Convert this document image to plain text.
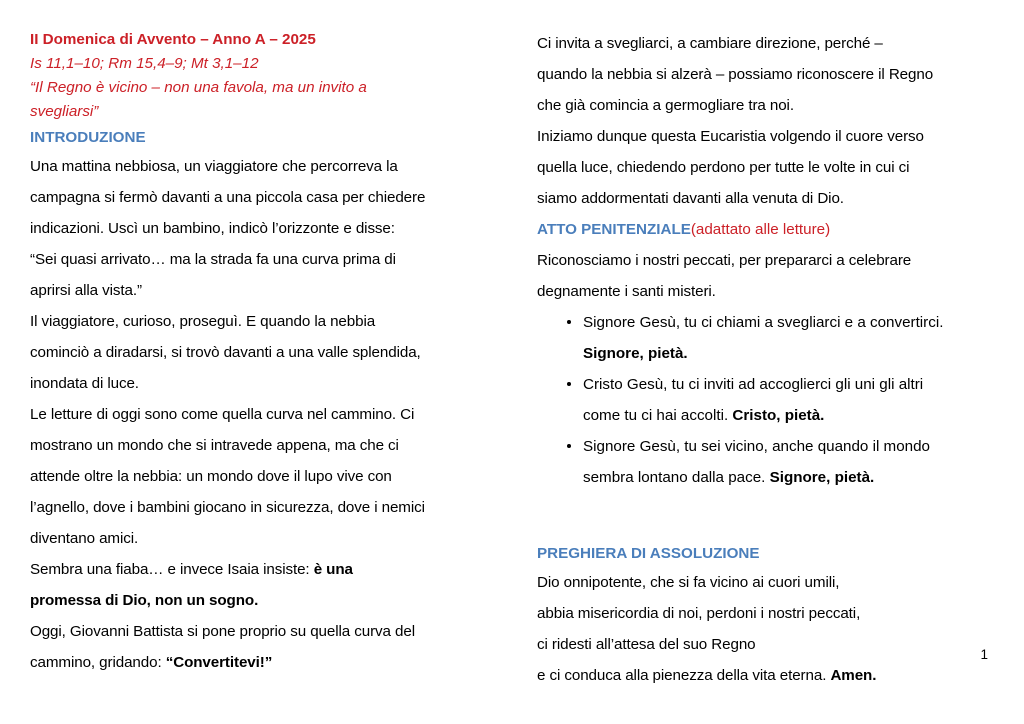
II Domenica di Avvento – Anno A – 2025
Is 11,1–10; Rm 15,4–9; Mt 3,1–12
“Il Regno è vicino – non una favola, ma un invito a
svegliarsi”
INTRODUZIONE
Una mattina nebbiosa, un viaggiatore che percorreva la
campagna si fermò davanti a una piccola casa per chiedere
indicazioni. Uscì un bambino, indicò l’orizzonte e disse:
“Sei quasi arrivato… ma la strada fa una curva prima di
aprirsi alla vista.”
Il viaggiatore, curioso, proseguì. E quando la nebbia
cominciò a diradarsi, si trovò davanti a una valle splendida,
inondata di luce.
Le letture di oggi sono come quella curva nel cammino. Ci
mostrano un mondo che si intravede appena, ma che ci
attende oltre la nebbia: un mondo dove il lupo vive con
l’agnello, dove i bambini giocano in sicurezza, dove i nemici
diventano amici.
Sembra una fiaba… e invece Isaia insiste: è una
promessa di Dio, non un sogno.
Oggi, Giovanni Battista si pone proprio su quella curva del
cammino, gridando: “Convertitevi!”
Ci invita a svegliarci, a cambiare direzione, perché –
quando la nebbia si alzerà – possiamo riconoscere il Regno
che già comincia a germogliare tra noi.
Iniziamo dunque questa Eucaristia volgendo il cuore verso
quella luce, chiedendo perdono per tutte le volte in cui ci
siamo addormentati davanti alla venuta di Dio.
ATTO PENITENZIALE(adattato alle letture)
Riconosciamo i nostri peccati, per prepararci a celebrare
degnamente i santi misteri.
Signore Gesù, tu ci chiami a svegliarci e a convertirci.
Signore, pietà.
Cristo Gesù, tu ci inviti ad accoglierci gli uni gli altri
come tu ci hai accolti. Cristo, pietà.
Signore Gesù, tu sei vicino, anche quando il mondo
sembra lontano dalla pace. Signore, pietà.
PREGHIERA DI ASSOLUZIONE
Dio onnipotente, che si fa vicino ai cuori umili,
abbia misericordia di noi, perdoni i nostri peccati,
ci ridesti all’attesa del suo Regno
e ci conduca alla pienezza della vita eterna. Amen.
1
